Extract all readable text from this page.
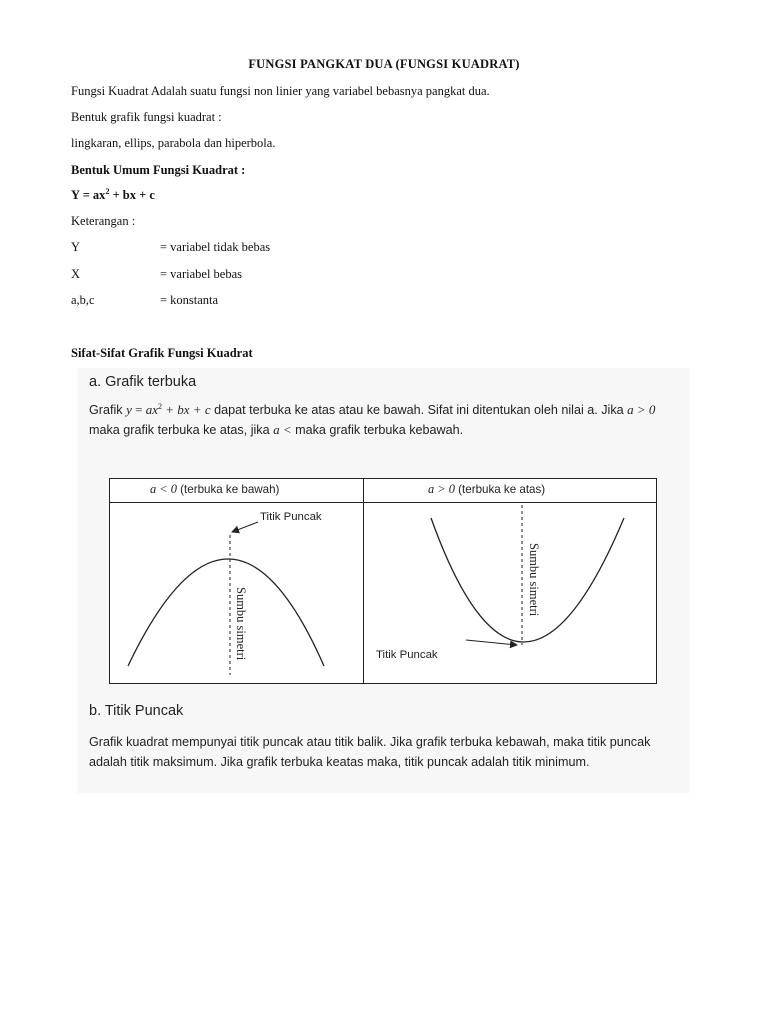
FUNGSI PANGKAT DUA (FUNGSI KUADRAT)
Fungsi Kuadrat Adalah suatu fungsi non linier yang variabel bebasnya pangkat dua.
Bentuk grafik fungsi kuadrat :
lingkaran, ellips, parabola dan hiperbola.
Bentuk Umum Fungsi Kuadrat :
$Y = ax^2$ + bx + c
Keterangan :
Y	= variabel tidak bebas
X	= variabel bebas
a,b,c	= konstanta
Sifat-Sifat Grafik Fungsi Kuadrat
a. Grafik terbuka
Grafik $y = ax^2$ + bx + c dapat terbuka ke atas atau ke bawah. Sifat ini ditentukan oleh nilai a. Jika a > 0 maka grafik terbuka ke atas, jika a < maka grafik terbuka kebawah.
a < 0 (terbuka ke bawah)	a > 0 (terbuka ke atas)
Titik Puncak
Sumbu simetri	Titik Puncak
Sumbu simetri
b. Titik Puncak
Grafik kuadrat mempunyai titik puncak atau titik balik. Jika grafik terbuka kebawah, maka titik puncak adalah titik maksimum. Jika grafik terbuka keatas maka, titik puncak adalah titik minimum.
